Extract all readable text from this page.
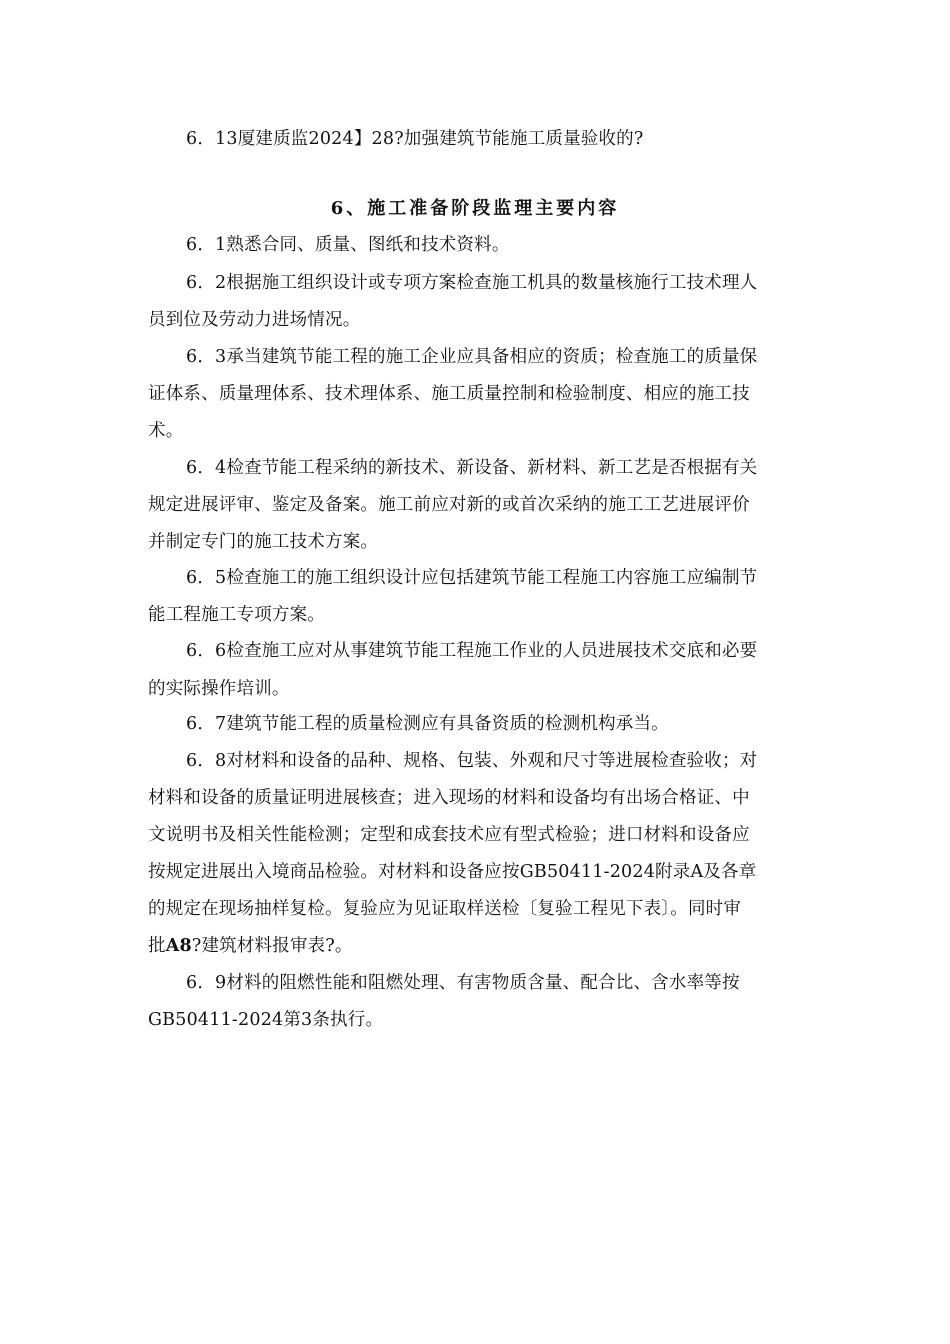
6．13厦建质监2024】28?加强建筑节能施工质量验收的?
6、施工准备阶段监理主要内容
6．1熟悉合同、质量、图纸和技术资料。
6．2根据施工组织设计或专项方案检查施工机具的数量核施行工技术理人
员到位及劳动力进场情况。
6．3承当建筑节能工程的施工企业应具备相应的资质；检查施工的质量保
证体系、质量理体系、技术理体系、施工质量控制和检验制度、相应的施工技
术。
6．4检查节能工程采纳的新技术、新设备、新材料、新工艺是否根据有关
规定进展评审、鉴定及备案。施工前应对新的或首次采纳的施工工艺进展评价
并制定专门的施工技术方案。
6．5检查施工的施工组织设计应包括建筑节能工程施工内容施工应编制节
能工程施工专项方案。
6．6检查施工应对从事建筑节能工程施工作业的人员进展技术交底和必要
的实际操作培训。
6．7建筑节能工程的质量检测应有具备资质的检测机构承当。
6．8对材料和设备的品种、规格、包装、外观和尺寸等进展检查验收；对
材料和设备的质量证明进展核查；进入现场的材料和设备均有出场合格证、中
文说明书及相关性能检测；定型和成套技术应有型式检验；进口材料和设备应
按规定进展出入境商品检验。对材料和设备应按GB50411-2024附录A及各章
的规定在现场抽样复检。复验应为见证取样送检〔复验工程见下表〕。同时审
批A8?建筑材料报审表?。
6．9材料的阻燃性能和阻燃处理、有害物质含量、配合比、含水率等按
GB50411-2024第3条执行。
